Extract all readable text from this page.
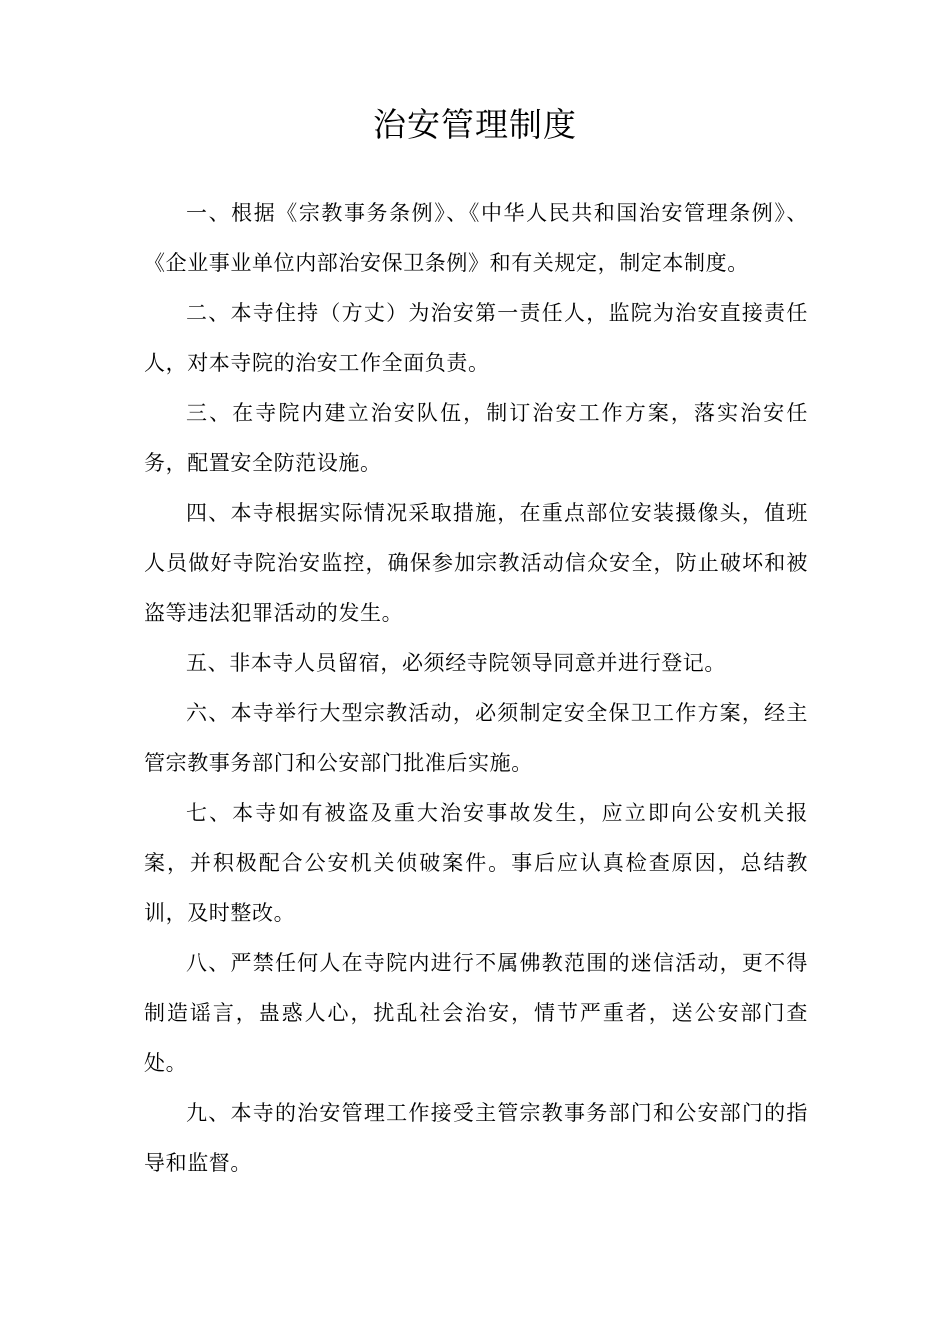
治安管理制度

一、根据《宗教事务条例》、《中华人民共和国治安管理条例》、《企业事业单位内部治安保卫条例》和有关规定，制定本制度。

二、本寺住持（方丈）为治安第一责任人，监院为治安直接责任人，对本寺院的治安工作全面负责。

三、在寺院内建立治安队伍，制订治安工作方案，落实治安任务，配置安全防范设施。

四、本寺根据实际情况采取措施，在重点部位安装摄像头，值班人员做好寺院治安监控，确保参加宗教活动信众安全，防止破坏和被盗等违法犯罪活动的发生。

五、非本寺人员留宿，必须经寺院领导同意并进行登记。

六、本寺举行大型宗教活动，必须制定安全保卫工作方案，经主管宗教事务部门和公安部门批准后实施。

七、本寺如有被盗及重大治安事故发生，应立即向公安机关报案，并积极配合公安机关侦破案件。事后应认真检查原因，总结教训，及时整改。

八、严禁任何人在寺院内进行不属佛教范围的迷信活动，更不得制造谣言，蛊惑人心，扰乱社会治安，情节严重者，送公安部门查处。

九、本寺的治安管理工作接受主管宗教事务部门和公安部门的指导和监督。
